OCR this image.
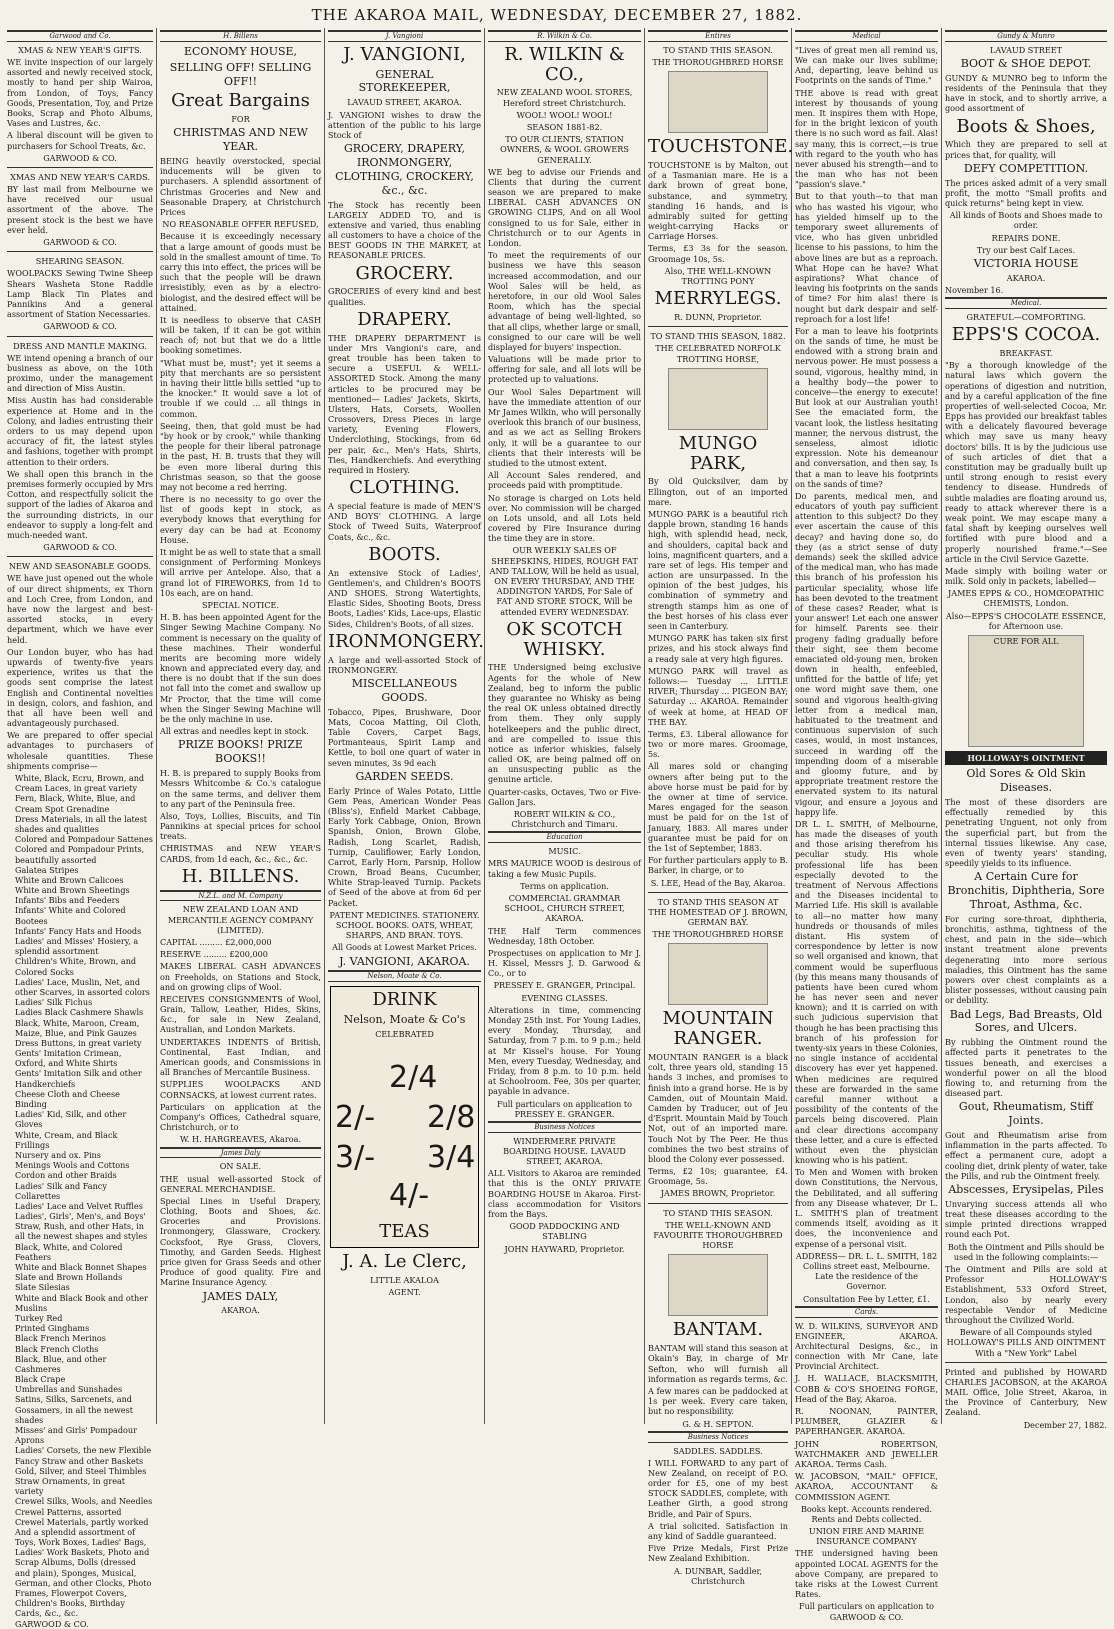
THE AKAROA MAIL, WEDNESDAY, DECEMBER 27, 1882.
Garwood and Co.
XMAS & NEW YEAR'S GIFTS.
WE invite inspection of our largely assorted and newly received stock, mostly to hand per ship Wairoa, from London, of Toys, Fancy Goods, Presentation, Toy, and Prize Books, Scrap and Photo Albums, Vases and Lustres, &c.
A liberal discount will be given to purchasers for School Treats, &c.
GARWOOD & CO.
XMAS AND NEW YEAR'S CARDS.
BY last mail from Melbourne we have received our usual assortment of the above. The present stock is the best we have ever held.
GARWOOD & CO.
SHEARING SEASON.
WOOLPACKS Sewing Twine Sheep Shears Washeta Stone Raddle Lamp Black Tin Plates and Pannikins And a general assortment of Station Necessaries.
GARWOOD & CO.
DRESS AND MANTLE MAKING.
WE intend opening a branch of our business as above, on the 10th proximo, under the management and direction of Miss Austin.
Miss Austin has had considerable experience at Home and in the Colony, and ladies entrusting their orders to us may depend upon accuracy of fit, the latest styles and fashions, together with prompt attention to their orders.
We shall open this branch in the premises formerly occupied by Mrs Cotton, and respectfully solicit the support of the ladies of Akaroa and the surrounding districts, in our endeavor to supply a long-felt and much-needed want.
GARWOOD & CO.
NEW AND SEASONABLE GOODS.
WE have just opened out the whole of our direct shipments, ex Thorn and Loch Cree, from London, and have now the largest and best-assorted stocks, in every department, which we have ever held.
Our London buyer, who has had upwards of twenty-five years experience, writes us that the goods sent comprise the latest English and Continental novelties in design, colors, and fashion, and that all have been well and advantageously purchased.
We are prepared to offer special advantages to purchasers of wholesale quantities. These shipments comprise—
White, Black, Ecru, Brown, and Cream Laces, in great variety
Fern, Black, White, Blue, and Cream Spot Grenadine
Dress Materials, in all the latest shades and qualities
Colored and Pompadour Sattenes
Colored and Pompadour Prints, beautifully assorted
Galatea Stripes
White and Brown Calicoes
White and Brown Sheetings
Infants' Bibs and Feeders
Infants' White and Colored Bootees
Infants' Fancy Hats and Hoods
Ladies' and Misses' Hosiery, a splendid assortment
Children's White, Brown, and Colored Socks
Ladies' Lace, Muslin, Net, and other Scarves, in assorted colors
Ladies' Silk Fichus
Ladies Black Cashmere Shawls
Black, White, Maroon, Cream, Maize, Blue, and Pink Gauzes
Dress Buttons, in great variety
Gents' Imitation Crimean, Oxford, and White Shirts
Gents' Imitation Silk and other Handkerchiefs
Cheese Cloth and Cheese Binding
Ladies' Kid, Silk, and other Gloves
White, Cream, and Black Frillings
Nursery and ox. Pins
Menings Wools and Cottons
Cordon and other Braids
Ladies' Silk and Fancy Collarettes
Ladies' Lace and Velvet Ruffles
Ladies', Girls', Men's, and Boys' Straw, Rush, and other Hats, in all the newest shapes and styles
Black, White, and Colored Feathers
White and Black Bonnet Shapes
Slate and Brown Hollands
Slate Silesias
White and Black Book and other Muslins
Turkey Red
Printed Ginghams
Black French Merinos
Black French Cloths
Black, Blue, and other Cashmeres
Black Crape
Umbrellas and Sunshades
Satins, Silks, Sarcenets, and Gossamers, in all the newest shades
Misses' and Girls' Pompadour Aprons
Ladies' Corsets, the new Flexible
Fancy Straw and other Baskets
Gold, Silver, and Steel Thimbles
Straw Ornaments, in great variety
Crewel Silks, Wools, and Needles
Crewel Patterns, assorted
Crewel Materials, partly worked
And a splendid assortment of Toys, Work Boxes, Ladies' Bags, Ladies' Work Baskets, Photo and Scrap Albums, Dolls (dressed and plain), Sponges, Musical, German, and other Clocks, Photo Frames, Flowerpot Covers, Children's Books, Birthday Cards, &c., &c.
GARWOOD & CO.
H. Billens
ECONOMY HOUSE,
SELLING OFF! SELLING OFF!!
Great Bargains
FOR
CHRISTMAS AND NEW YEAR.
BEING heavily overstocked, special inducements will be given to purchasers. A splendid assortment of Christmas Groceries and New and Seasonable Drapery, at Christchurch Prices
NO REASONABLE OFFER REFUSED,
Because it is exceedingly necessary that a large amount of goods must be sold in the smallest amount of time. To carry this into effect, the prices will be such that the people will be drawn irresistibly, even as by a electro-biologist, and the desired effect will be attained.
It is needless to observe that CASH will be taken, if it can be got within reach of; not but that we do a little booking sometimes.
"What must be, must"; yet it seems a pity that merchants are so persistent in having their little bills settled "up to the knocker." It would save a lot of trouble if we could ... all things in common.
Seeing, then, that gold must be had "by hook or by crook," while thanking the people for their liberal patronage in the past, H. B. trusts that they will be even more liberal during this Christmas season, so that the goose may not become a red herring.
There is no necessity to go over the list of goods kept in stock, as everybody knows that everything for every day can be had at Economy House.
It might be as well to state that a small consignment of Performing Monkeys will arrive per Antelope. Also, that a grand lot of FIREWORKS, from 1d to 10s each, are on hand.
SPECIAL NOTICE.
H. B. has been appointed Agent for the Singer Sewing Machine Company. No comment is necessary on the quality of these machines. Their wonderful merits are becoming more widely known and appreciated every day, and there is no doubt that if the sun does not fall into the comet and swallow up Mr Proctor, that the time will come when the Singer Sewing Machine will be the only machine in use.
All extras and needles kept in stock.
PRIZE BOOKS! PRIZE BOOKS!!
H. B. is prepared to supply Books from Messrs Whitcombe & Co.'s catalogue on the same terms, and deliver them to any part of the Peninsula free.
Also, Toys, Lollies, Biscuits, and Tin Pannikins at special prices for school treats.
CHRISTMAS and NEW YEAR'S CARDS, from 1d each, &c., &c., &c.
H. BILLENS.
N.Z.L. and M. Company
NEW ZEALAND LOAN AND MERCANTILE AGENCY COMPANY (LIMITED).
CAPITAL ......... £2,000,000
RESERVE ......... £200,000
MAKES LIBERAL CASH ADVANCES on Freeholds, on Stations and Stock, and on growing clips of Wool.
RECEIVES CONSIGNMENTS of Wool, Grain, Tallow, Leather, Hides, Skins, &c., for sale in New Zealand, Australian, and London Markets.
UNDERTAKES INDENTS of British, Continental, East Indian, and American goods, and Consmissions in all Branches of Mercantile Business.
SUPPLIES WOOLPACKS AND CORNSACKS, at lowest current rates.
Particulars on application at the Company's Offices, Cathedral square, Christchurch, or to
W. H. HARGREAVES, Akaroa.
James Daly
ON SALE.
THE usual well-assorted Stock of GENERAL MERCHANDISE.
Special Lines in Useful Drapery, Clothing, Boots and Shoes, &c. Groceries and Provisions. Ironmongery, Glassware, Crockery. Cocksfoot, Rye Grass, Clovers, Timothy, and Garden Seeds. Highest price given for Grass Seeds and other Produce of good quality. Fire and Marine Insurance Agency.
JAMES DALY,
AKAROA.
J. Vangioni
J. VANGIONI,
GENERAL STOREKEEPER,
LAVAUD STREET, AKAROA.
J. VANGIONI wishes to draw the attention of the public to his large Stock of
GROCERY, DRAPERY, IRONMONGERY, CLOTHING, CROCKERY, &c., &c.
The Stock has recently been LARGELY ADDED TO, and is extensive and varied, thus enabling all customers to have a choice of the BEST GOODS IN THE MARKET, at REASONABLE PRICES.
GROCERY.
GROCERIES of every kind and best qualities.
DRAPERY.
THE DRAPERY DEPARTMENT is under Mrs Vangioni's care, and great trouble has been taken to secure a USEFUL & WELL-ASSORTED Stock. Among the many articles to be procured may be mentioned— Ladies' Jackets, Skirts, Ulsters, Hats, Corsets, Woollen Crossovers, Dress Pieces in large variety, Evening Flowers, Underclothing, Stockings, from 6d per pair, &c., Men's Hats, Shirts, Ties, Handkerchiefs. And everything required in Hosiery.
CLOTHING.
A special feature is made of MEN'S AND BOYS' CLOTHING. A large Stock of Tweed Suits, Waterproof Coats, &c., &c.
BOOTS.
An extensive Stock of Ladies', Gentlemen's, and Children's BOOTS AND SHOES. Strong Watertights, Elastic Sides, Shooting Boots, Dress Boots, Ladies' Kids, Lace-ups, Elastic Sides, Children's Boots, of all sizes.
IRONMONGERY.
A large and well-assorted Stock of IRONMONGERY.
MISCELLANEOUS GOODS.
Tobacco, Pipes, Brushware, Door Mats, Cocoa Matting, Oil Cloth, Table Covers, Carpet Bags, Portmanteaus, Spirit Lamp and Kettle, to boil one quart of water in seven minutes, 3s 9d each
GARDEN SEEDS.
Early Prince of Wales Potato, Little Gem Peas, American Wonder Peas (Bliss's), Enfield Market Cabbage, Early York Cabbage, Onion, Brown Spanish, Onion, Brown Globe, Radish, Long Scarlet, Radish, Turnip, Cauliflower, Early London, Carrot, Early Horn, Parsnip, Hollow Crown, Broad Beans, Cucumber, White Strap-leaved Turnip. Packets of Seed of the above at from 6d per Packet.
PATENT MEDICINES. STATIONERY. SCHOOL BOOKS. OATS, WHEAT, SHARPS, AND BRAN. TOYS.
All Goods at Lowest Market Prices.
J. VANGIONI, AKAROA.
Nelson, Moate & Co.
DRINK
Nelson, Moate & Co's
CELEBRATED
2/4
2/- 2/8
3/- 3/4
4/-
TEAS
J. A. Le Clerc,
LITTLE AKALOA
AGENT.
R. Wilkin & Co.
R. WILKIN & CO.,
NEW ZEALAND WOOL STORES, Hereford street Christchurch.
WOOL! WOOL! WOOL!
SEASON 1881-82.
TO OUR CLIENTS, STATION OWNERS, & WOOL GROWERS GENERALLY.
WE beg to advise our Friends and Clients that during the current season we are prepared to make LIBERAL CASH ADVANCES ON GROWING CLIPS, And on all Wool consigned to us for Sale, either in Christchurch or to our Agents in London.
To meet the requirements of our business we have this season increased accommodation, and our Wool Sales will be held, as heretofore, in our old Wool Sales Room, which has the special advantage of being well-lighted, so that all clips, whether large or small, consigned to our care will be well displayed for buyers' inspection.
Valuations will be made prior to offering for sale, and all lots will be protected up to valuations.
Our Wool Sales Department will have the immediate attention of our Mr James Wilkin, who will personally overlook this branch of our business, and as we act as Selling Brokers only, it will be a guarantee to our clients that their interests will be studied to the utmost extent.
All Account Sales rendered, and proceeds paid with promptitude.
No storage is charged on Lots held over. No commission will be charged on Lots unsold, and all Lots held covered by Fire Insurance during the time they are in store.
OUR WEEKLY SALES OF SHEEPSKINS, HIDES, ROUGH FAT AND TALLOW, Will be held as usual, ON EVERY THURSDAY, AND THE ADDINGTON YARDS, For Sale of FAT AND STORE STOCK, Will be attended EVERY WEDNESDAY.
OK SCOTCH WHISKY.
THE Undersigned being exclusive Agents for the whole of New Zealand, beg to inform the public they guarantee no Whisky as being the real OK unless obtained directly from them. They only supply hotelkeepers and the public direct, and are compelled to issue this notice as inferior whiskies, falsely called OK, are being palmed off on an unsuspecting public as the genuine article.
Quarter-casks, Octaves, Two or Five-Gallon Jars.
ROBERT WILKIN & CO., Christchurch and Timaru.
Education
MUSIC.
MRS MAURICE WOOD is desirous of taking a few Music Pupils.
Terms on application.
COMMERCIAL GRAMMAR SCHOOL, CHURCH STREET, AKAROA.
THE Half Term commences Wednesday, 18th October.
Prospectuses on application to Mr J. H. Kissel, Messrs J. D. Garwood & Co., or to
PRESSEY E. GRANGER, Principal.
EVENING CLASSES.
Alterations in time, commencing Monday 25th inst. For Young Ladies, every Monday, Thursday, and Saturday, from 7 p.m. to 9 p.m.; held at Mr Kissel's house. For Young Men, every Tuesday, Wednesday, and Friday, from 8 p.m. to 10 p.m. held at Schoolroom. Fee, 30s per quarter, payable in advance.
Full particulars on application to PRESSEY E. GRANGER.
Business Notices
WINDERMERE PRIVATE BOARDING HOUSE. LAVAUD STREET, AKAROA.
ALL Visitors to Akaroa are reminded that this is the ONLY PRIVATE BOARDING HOUSE in Akaroa. First-class accommodation for Visitors from the Bays.
GOOD PADDOCKING AND STABLING
JOHN HAYWARD, Proprietor.
Entires
TO STAND THIS SEASON.
THE THOROUGHBRED HORSE
TOUCHSTONE.
TOUCHSTONE is by Malton, out of a Tasmanian mare. He is a dark brown of great bone, substance, and symmetry, standing 16 hands, and is admirably suited for getting weight-carrying Hacks or Carriage Horses.
Terms, £3 3s for the season. Groomage 10s, 5s.
Also, THE WELL-KNOWN TROTTING PONY
MERRYLEGS.
R. DUNN, Proprietor.
TO STAND THIS SEASON, 1882.
THE CELEBRATED NORFOLK TROTTING HORSE,
MUNGO PARK,
By Old Quicksilver, dam by Ellington, out of an imported mare.
MUNGO PARK is a beautiful rich dapple brown, standing 16 hands high, with splendid head, neck, and shoulders, capital back and loins, magnificent quarters, and a rare set of legs. His temper and action are unsurpassed. In the opinion of the best judges, his combination of symmetry and strength stamps him as one of the best horses of his class ever seen in Canterbury.
MUNGO PARK has taken six first prizes, and his stock always find a ready sale at very high figures.
MUNGO PARK will travel as follows:— Tuesday ... LITTLE RIVER; Thursday ... PIGEON BAY; Saturday ... AKAROA. Remainder of week at home, at HEAD OF THE BAY.
Terms, £3. Liberal allowance for two or more mares. Groomage, 5s.
All mares sold or changing owners after being put to the above horse must be paid for by the owner at time of service. Mares engaged for the season must be paid for on the 1st of January, 1883. All mares under guarantee must be paid for on the 1st of September, 1883.
For further particulars apply to B. Barker, in charge, or to
S. LEE, Head of the Bay, Akaroa.
TO STAND THIS SEASON AT THE HOMESTEAD OF J. BROWN, GERMAN BAY.
THE THOROUGHBRED HORSE
MOUNTAIN RANGER.
MOUNTAIN RANGER is a black colt, three years old, standing 15 hands 3 inches, and promises to finish into a grand horse. He is by Camden, out of Mountain Maid. Camden by Traducer, out of Jeu d'Esprit. Mountain Maid by Touch Not, out of an imported mare. Touch Not by The Peer. He thus combines the two best strains of blood the Colony ever possessed.
Terms, £2 10s; guarantee, £4. Groomage, 5s.
JAMES BROWN, Proprietor.
TO STAND THIS SEASON.
THE WELL-KNOWN AND FAVOURITE THOROUGHBRED HORSE
BANTAM.
BANTAM will stand this season at Okain's Bay, in charge of Mr Sefton, who will furnish all information as regards terms, &c.
A few mares can be paddocked at 1s per week. Every care taken, but no responsibility.
G. & H. SEPTON.
Business Notices
SADDLES. SADDLES.
I WILL FORWARD to any part of New Zealand, on receipt of P.O. order for £5, one of my best STOCK SADDLES, complete, with Leather Girth, a good strong Bridle, and Pair of Spurs.
A trial solicited. Satisfaction in any kind of Saddle guaranteed.
Five Prize Medals, First Prize New Zealand Exhibition.
A. DUNBAR, Saddler, Christchurch
Medical
"Lives of great men all remind us, We can make our lives sublime; And, departing, leave behind us Footprints on the sands of Time."
THE above is read with great interest by thousands of young men. It inspires them with Hope, for in the bright lexicon of youth there is no such word as fail. Alas! say many, this is correct,—is true with regard to the youth who has never abused his strength—and to the man who has not been "passion's slave."
But to that youth—to that man who has wasted his vigour, who has yielded himself up to the temporary sweet allurements of vice, who has given unbridled license to his passions, to him the above lines are but as a reproach. What Hope can he have? What aspirations? What chance of leaving his footprints on the sands of time? For him alas! there is nought but dark despair and self-reproach for a lost life!
For a man to leave his footprints on the sands of time, he must be endowed with a strong brain and nervous power. He must possess a sound, vigorous, healthy mind, in a healthy body—the power to conceive—the energy to execute! But look at our Australian youth! See the emaciated form, the vacant look, the listless hesitating manner, the nervous distrust, the senseless, almost idiotic expression. Note his demeanour and conversation, and then say, Is that a man to leave his footprints on the sands of time?
Do parents, medical men, and educators of youth pay sufficient attention to this subject? Do they ever ascertain the cause of this decay? and having done so, do they (as a strict sense of duty demands) seek the skilled advice of the medical man, who has made this branch of his profession his particular speciality, whose life has been devoted to the treatment of these cases? Reader, what is your answer! Let each one answer for himself. Parents see their progeny fading gradually before their sight, see them become emaciated old-young men, broken down in health, enfeebled, unfitted for the battle of life; yet one word might save them, one sound and vigorous health-giving letter from a medical man, habituated to the treatment and continuous supervision of such cases, would, in most instances, succeed in warding off the impending doom of a miserable and gloomy future, and by appropriate treatment restore the enervated system to its natural vigour, and ensure a joyous and happy life.
DR L. L. SMITH, of Melbourne, has made the diseases of youth and those arising therefrom his peculiar study. His whole professional life has been especially devoted to the treatment of Nervous Affections and the Diseases incidental to Married Life. His skill is available to all—no matter how many hundreds or thousands of miles distant. His system of correspondence by letter is now so well organised and known, that comment would be superfluous (by this means many thousands of patients have been cured whom he has never seen and never known); and it is carried on with such judicious supervision that though he has been practising this branch of his profession for twenty-six years in these Colonies, no single instance of accidental discovery has ever yet happened. When medicines are required these are forwarded in the same careful manner without a possibility of the contents of the parcels being discovered. Plain and clear directions accompany these letter, and a cure is effected without even the physician knowing who is his patient.
To Men and Women with broken down Constitutions, the Nervous, the Debilitated, and all suffering from any Disease whatever, Dr L. L. SMITH'S plan of treatment commends itself, avoiding as it does, the inconvenience and expense of a personal visit.
ADDRESS— DR. L. L. SMITH, 182 Collins street east, Melbourne. Late the residence of the Governor.
Consultation Fee by Letter, £1.
Cards.
W. D. WILKINS, SURVEYOR AND ENGINEER, AKAROA. Architectural Designs, &c., in connection with Mr Cane, late Provincial Architect.
J. H. WALLACE, BLACKSMITH, COBB & CO'S SHOEING FORGE, Head of the Bay, Akaroa.
R. NOONAN, PAINTER, PLUMBER, GLAZIER & PAPERHANGER. AKAROA.
JOHN ROBERTSON, WATCHMAKER AND JEWELLER AKAROA. Terms Cash.
W. JACOBSON, "MAIL" OFFICE, AKAROA, ACCOUNTANT & COMMISSION AGENT.
Books kept. Accounts rendered. Rents and Debts collected.
UNION FIRE AND MARINE INSURANCE COMPANY
THE undersigned having been appointed LOCAL AGENTS for the above Company, are prepared to take risks at the Lowest Current Rates.
Full particulars on application to GARWOOD & CO.
Gundy & Munro
LAVAUD STREET
BOOT & SHOE DEPOT.
GUNDY & MUNRO beg to inform the residents of the Peninsula that they have in stock, and to shortly arrive, a good assortment of
Boots & Shoes,
Which they are prepared to sell at prices that, for quality, will
DEFY COMPETITION.
The prices asked admit of a very small profit, the motto "Small profits and quick returns" being kept in view.
All kinds of Boots and Shoes made to order.
REPAIRS DONE.
Try our best Calf Laces.
VICTORIA HOUSE
AKAROA.
November 16.
Medical.
GRATEFUL—COMFORTING.
EPPS'S COCOA.
BREAKFAST.
"By a thorough knowledge of the natural laws which govern the operations of digestion and nutrition, and by a careful application of the fine properties of well-selected Cocoa, Mr. Epps has provided our breakfast tables with a delicately flavoured beverage which may save us many heavy doctors' bills. It is by the judicious use of such articles of diet that a constitution may be gradually built up until strong enough to resist every tendency to disease. Hundreds of subtle maladies are floating around us, ready to attack wherever there is a weak point. We may escape many a fatal shaft by keeping ourselves well fortified with pure blood and a properly nourished frame."—See article in the Civil Service Gazette.
Made simply with boiling water or milk. Sold only in packets, labelled—
JAMES EPPS & CO., HOMŒOPATHIC CHEMISTS, London.
Also—EPPS'S CHOCOLATE ESSENCE, for Afternoon use.
CURE FOR ALL
HOLLOWAY'S OINTMENT
Old Sores & Old Skin Diseases.
The most of these disorders are effectually remedied by this penetrating Unguent, not only from the superficial part, but from the internal tissues likewise. Any case, even of twenty years' standing, speedily yields to its influence.
A Certain Cure for Bronchitis, Diphtheria, Sore Throat, Asthma, &c.
For curing sore-throat, diphtheria, bronchitis, asthma, tightness of the chest, and pain in the side—which instant treatment alone prevents degenerating into more serious maladies, this Ointment has the same powers over chest complaints as a blister possesses, without causing pain or debility.
Bad Legs, Bad Breasts, Old Sores, and Ulcers.
By rubbing the Ointment round the affected parts it penetrates to the tissues beneath, and exercises a wonderful power on all the blood flowing to, and returning from the diseased part.
Gout, Rheumatism, Stiff Joints.
Gout and Rheumatism arise from inflammation in the parts affected. To effect a permanent cure, adopt a cooling diet, drink plenty of water, take the Pills, and rub the Ointment freely.
Abscesses, Erysipelas, Piles
Unvarying success attends all who treat these diseases according to the simple printed directions wrapped round each Pot.
Both the Ointment and Pills should be used in the following complaints:—
The Ointment and Pills are sold at Professor HOLLOWAY'S Establishment, 533 Oxford Street, London, also by nearly every respectable Vendor of Medicine throughout the Civilized World.
Beware of all Compounds styled HOLLOWAY'S PILLS AND OINTMENT With a "New York" Label
Printed and published by HOWARD CHARLES JACOBSON, at the AKAROA MAIL Office, Jolie Street, Akaroa, in the Province of Canterbury, New Zealand.
December 27, 1882.
